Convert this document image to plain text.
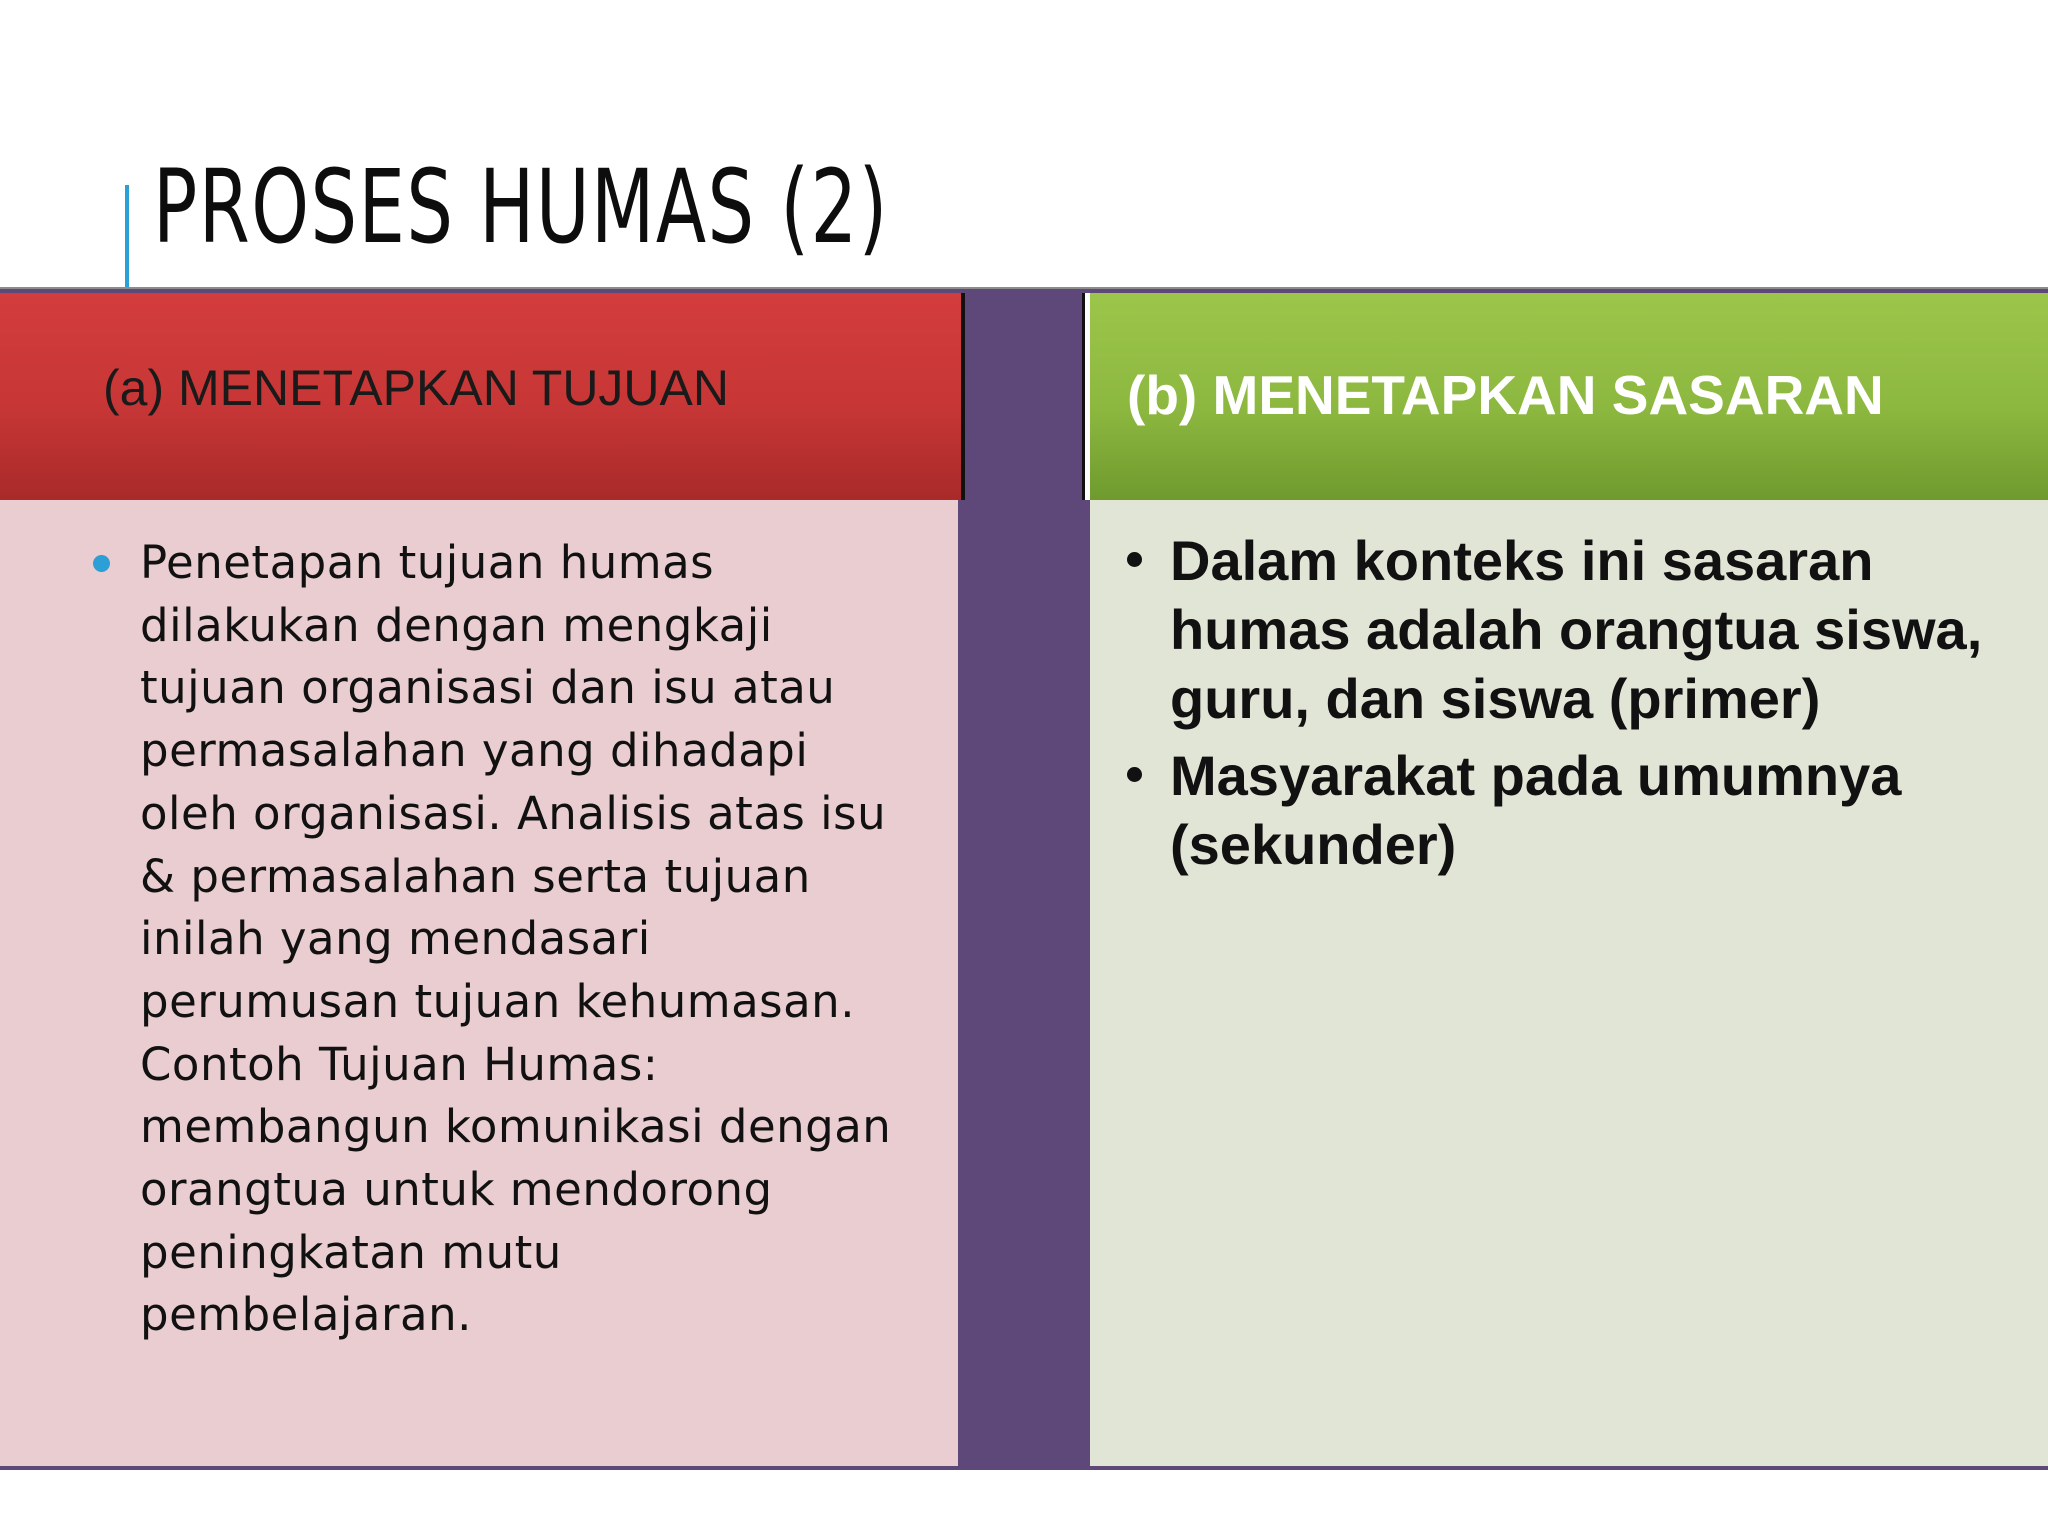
PROSES HUMAS (2)
(a) MENETAPKAN TUJUAN
Penetapan tujuan humas
dilakukan dengan mengkaji
tujuan organisasi dan isu atau
permasalahan yang dihadapi
oleh organisasi. Analisis atas isu
& permasalahan serta tujuan
inilah yang mendasari
perumusan tujuan kehumasan.
Contoh Tujuan Humas:
membangun komunikasi dengan
orangtua untuk mendorong
peningkatan mutu
pembelajaran.
(b) MENETAPKAN SASARAN
Dalam konteks ini sasaran humas adalah orangtua siswa, guru, dan siswa (primer)
Masyarakat pada umumnya (sekunder)
